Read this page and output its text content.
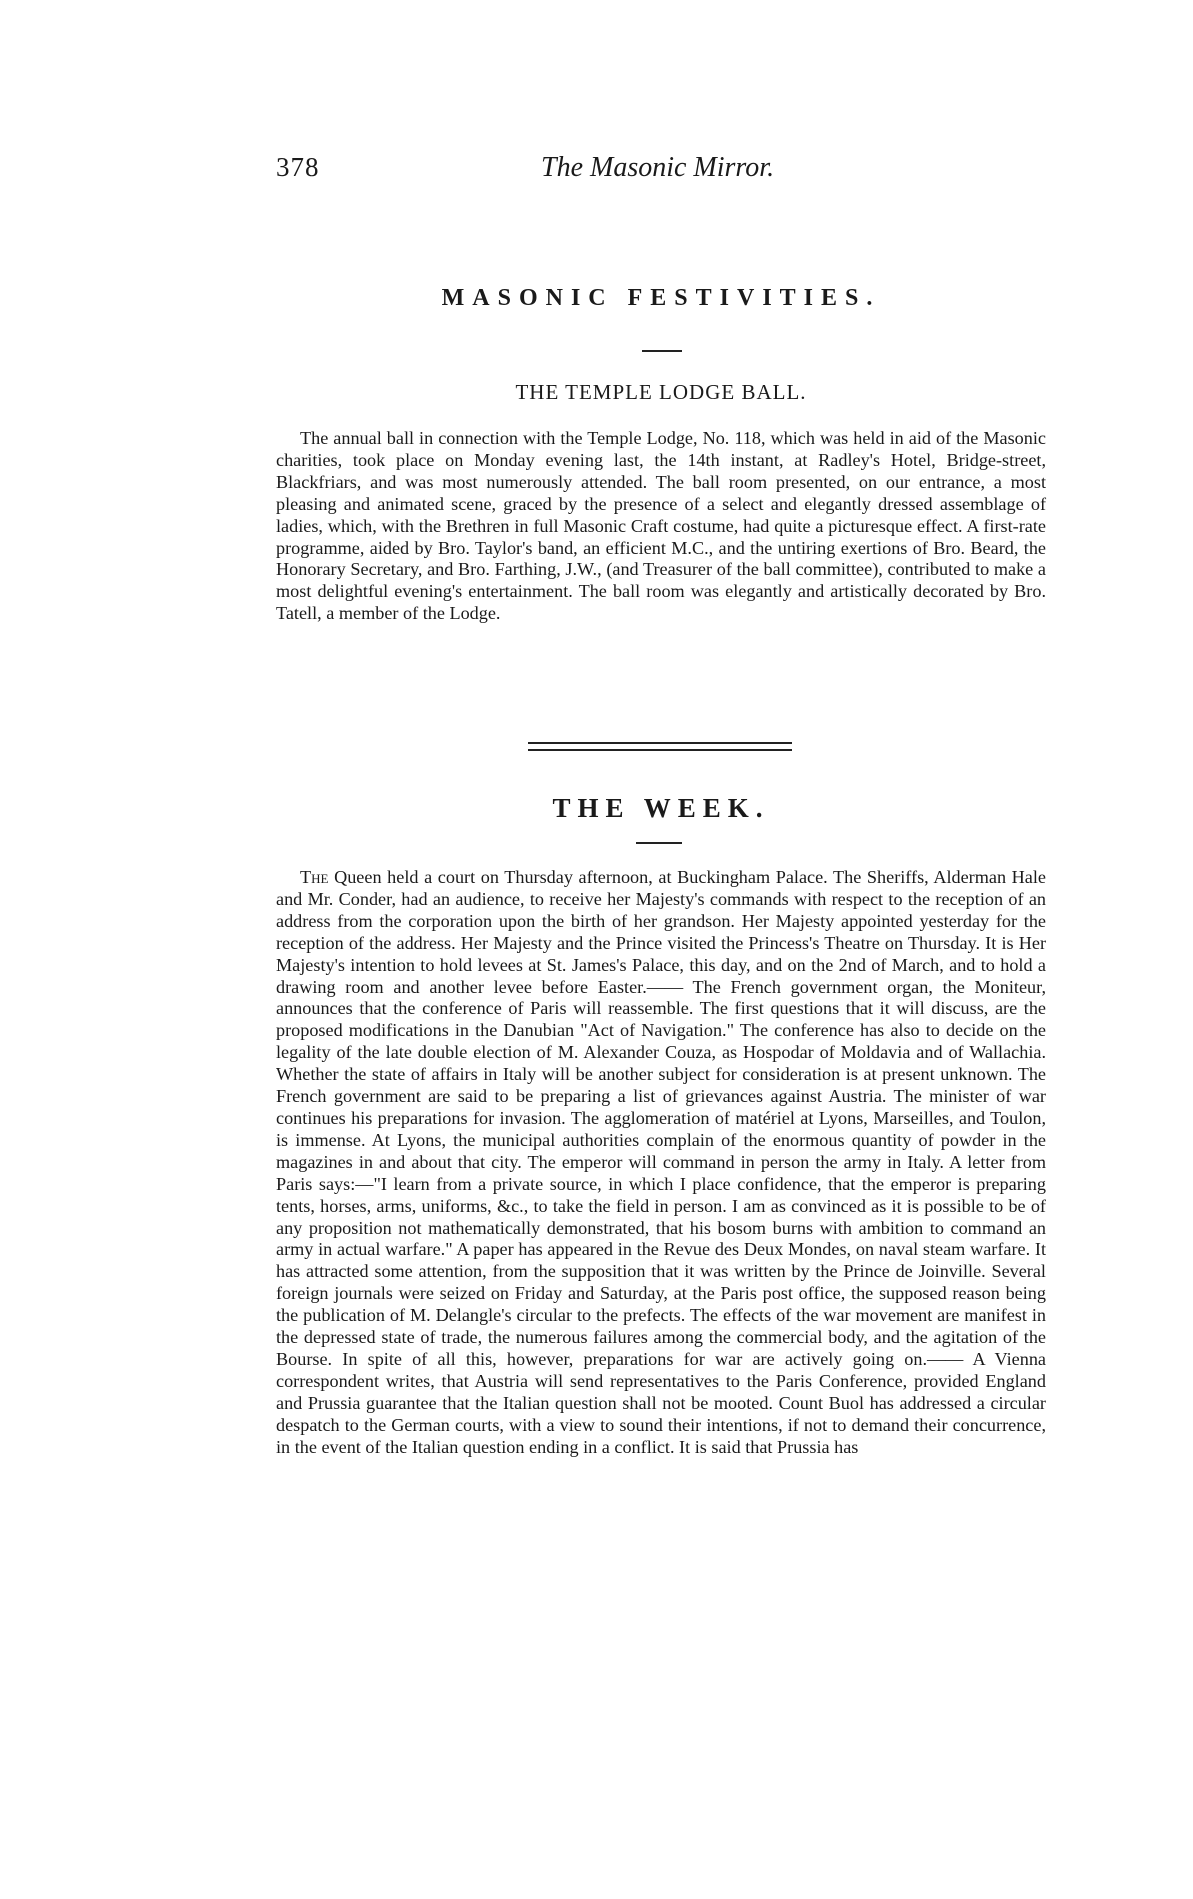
378	The Masonic Mirror.
MASONIC FESTIVITIES.
THE TEMPLE LODGE BALL.

The annual ball in connection with the Temple Lodge, No. 118, which was held in aid of the Masonic charities, took place on Monday evening last, the 14th instant, at Radley's Hotel, Bridge-street, Blackfriars, and was most numerously attended. The ball room presented, on our entrance, a most pleasing and animated scene, graced by the presence of a select and elegantly dressed assemblage of ladies, which, with the Brethren in full Masonic Craft costume, had quite a picturesque effect. A first-rate programme, aided by Bro. Taylor's band, an efficient M.C., and the untiring exertions of Bro. Beard, the Honorary Secretary, and Bro. Farthing, J.W., (and Treasurer of the ball committee), contributed to make a most delightful evening's entertainment. The ball room was elegantly and artistically decorated by Bro. Tatell, a member of the Lodge.

THE WEEK.

The Queen held a court on Thursday afternoon, at Buckingham Palace. The Sheriffs, Alderman Hale and Mr. Conder, had an audience, to receive her Majesty's commands with respect to the reception of an address from the corporation upon the birth of her grandson. Her Majesty appointed yesterday for the reception of the address. Her Majesty and the Prince visited the Princess's Theatre on Thursday. It is Her Majesty's intention to hold levees at St. James's Palace, this day, and on the 2nd of March, and to hold a drawing room and another levee before Easter.—— The French government organ, the Moniteur, announces that the conference of Paris will reassemble. The first questions that it will discuss, are the proposed modifications in the Danubian "Act of Navigation." The conference has also to decide on the legality of the late double election of M. Alexander Couza, as Hospodar of Moldavia and of Wallachia. Whether the state of affairs in Italy will be another subject for consideration is at present unknown. The French government are said to be preparing a list of grievances against Austria. The minister of war continues his preparations for invasion. The agglomeration of matériel at Lyons, Marseilles, and Toulon, is immense. At Lyons, the municipal authorities complain of the enormous quantity of powder in the magazines in and about that city. The emperor will command in person the army in Italy. A letter from Paris says:—"I learn from a private source, in which I place confidence, that the emperor is preparing tents, horses, arms, uniforms, &c., to take the field in person. I am as convinced as it is possible to be of any proposition not mathematically demonstrated, that his bosom burns with ambition to command an army in actual warfare." A paper has appeared in the Revue des Deux Mondes, on naval steam warfare. It has attracted some attention, from the supposition that it was written by the Prince de Joinville. Several foreign journals were seized on Friday and Saturday, at the Paris post office, the supposed reason being the publication of M. Delangle's circular to the prefects. The effects of the war movement are manifest in the depressed state of trade, the numerous failures among the commercial body, and the agitation of the Bourse. In spite of all this, however, preparations for war are actively going on.—— A Vienna correspondent writes, that Austria will send representatives to the Paris Conference, provided England and Prussia guarantee that the Italian question shall not be mooted. Count Buol has addressed a circular despatch to the German courts, with a view to sound their intentions, if not to demand their concurrence, in the event of the Italian question ending in a conflict. It is said that Prussia has
